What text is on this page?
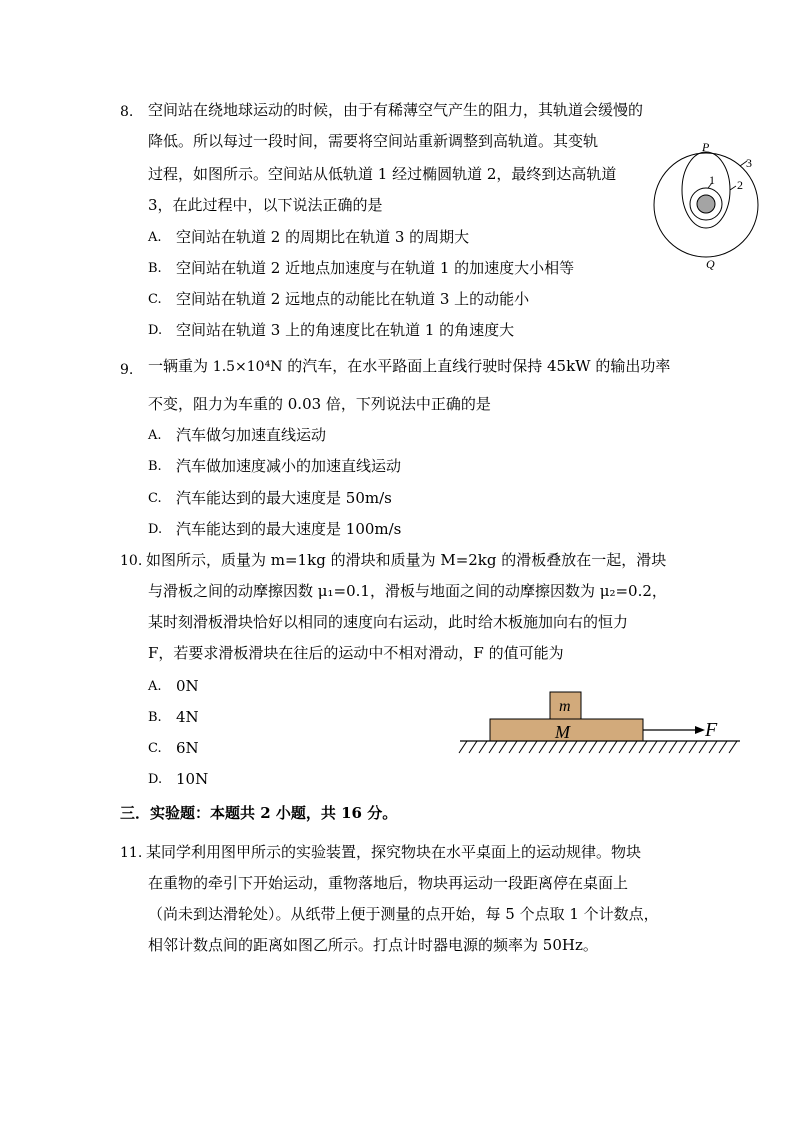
8. 空间站在绕地球运动的时候，由于有稀薄空气产生的阻力，其轨道会缓慢的
降低。所以每过一段时间，需要将空间站重新调整到高轨道。其变轨
过程，如图所示。空间站从低轨道 1 经过椭圆轨道 2，最终到达高轨道
3，在此过程中，以下说法正确的是
A. 空间站在轨道 2 的周期比在轨道 3 的周期大
B. 空间站在轨道 2 近地点加速度与在轨道 1 的加速度大小相等
C. 空间站在轨道 2 远地点的动能比在轨道 3 上的动能小
D. 空间站在轨道 3 上的角速度比在轨道 1 的角速度大
P
Q
1 2
3
9. 一辆重为 1.5×10⁴N 的汽车，在水平路面上直线行驶时保持 45kW 的输出功率
不变，阻力为车重的 0.03 倍，下列说法中正确的是
A. 汽车做匀加速直线运动
B. 汽车做加速度减小的加速直线运动
C. 汽车能达到的最大速度是 50m/s
D. 汽车能达到的最大速度是 100m/s
10. 如图所示，质量为 m=1kg 的滑块和质量为 M=2kg 的滑板叠放在一起，滑块
与滑板之间的动摩擦因数 μ₁=0.1，滑板与地面之间的动摩擦因数为 μ₂=0.2，
某时刻滑板滑块恰好以相同的速度向右运动，此时给木板施加向右的恒力
F，若要求滑板滑块在往后的运动中不相对滑动，F 的值可能为
A. 0N
B. 4N
C. 6N
D. 10N
m
M	F
三．实验题：本题共 2 小题，共 16 分。
11. 某同学利用图甲所示的实验装置，探究物块在水平桌面上的运动规律。物块
在重物的牵引下开始运动，重物落地后，物块再运动一段距离停在桌面上
（尚未到达滑轮处）。从纸带上便于测量的点开始，每 5 个点取 1 个计数点，
相邻计数点间的距离如图乙所示。打点计时器电源的频率为 50Hz。
